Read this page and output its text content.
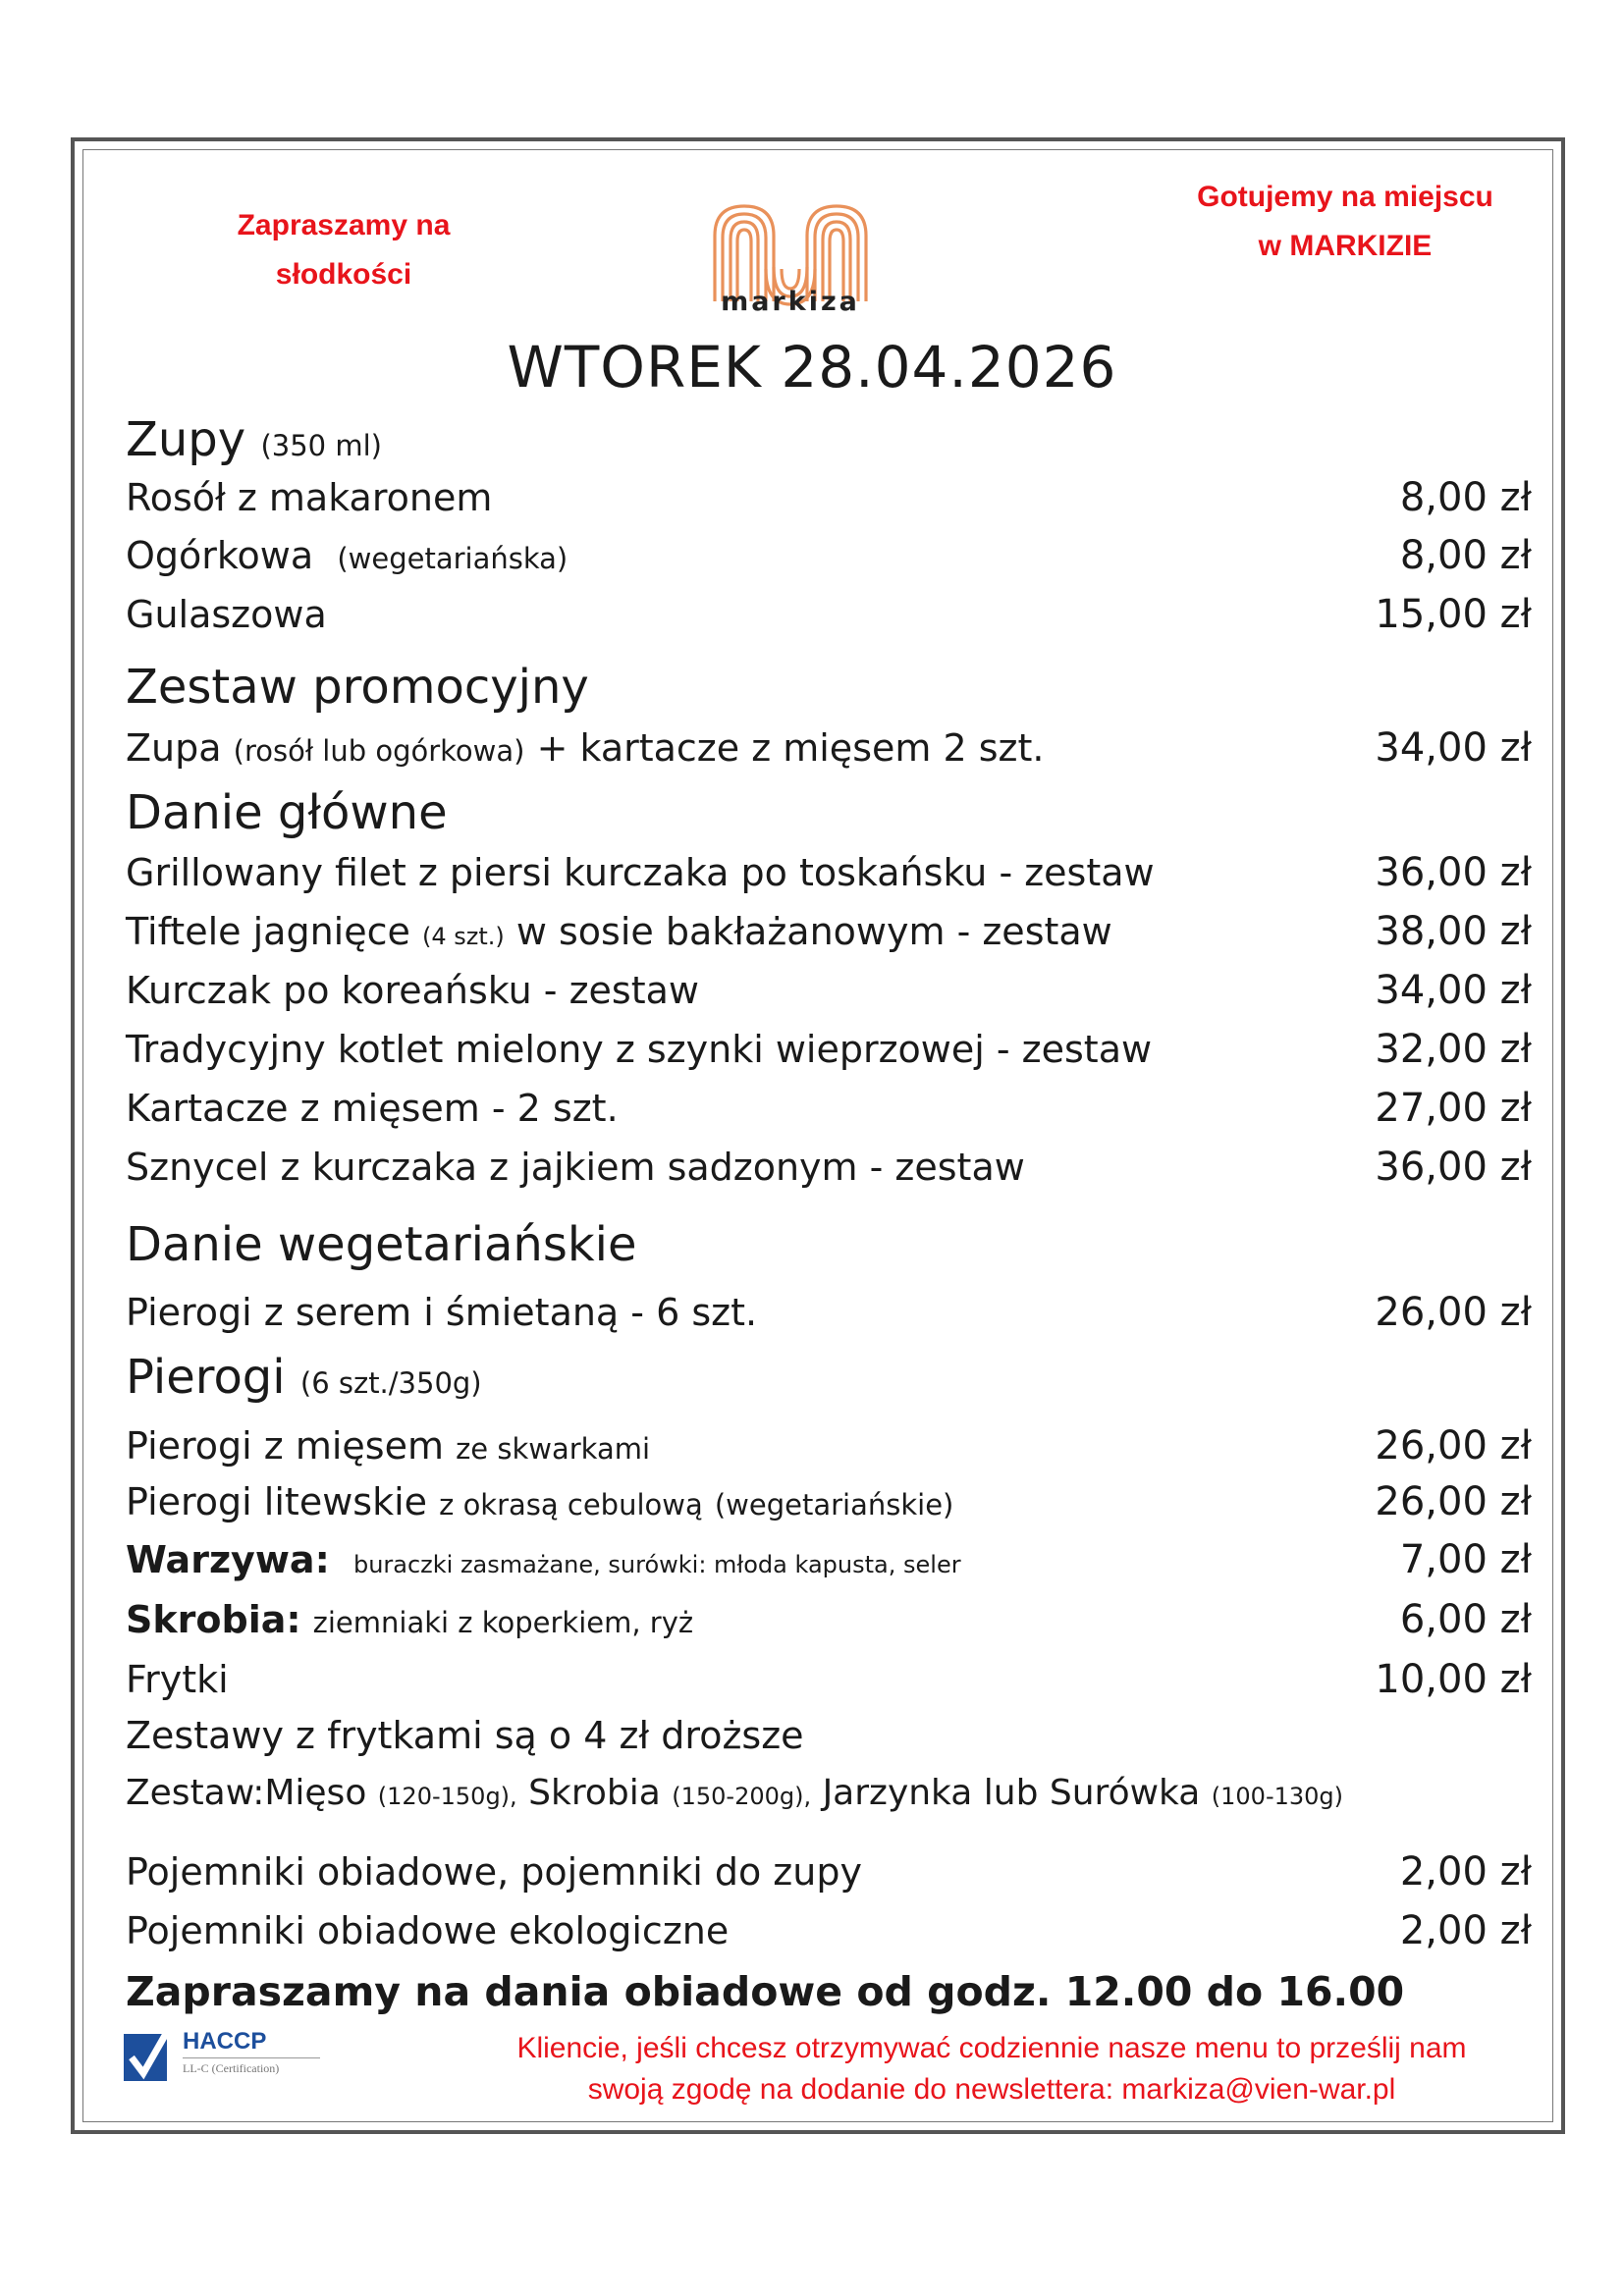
Zapraszamy na
słodkości
markiza
Gotujemy na miejscu
w MARKIZIE
WTOREK 28.04.2026
Zupy (350 ml)
Rosół z makaronem	8,00 zł
Ogórkowa (wegetariańska)	8,00 zł
Gulaszowa	15,00 zł
Zestaw promocyjny
Zupa (rosół lub ogórkowa) + kartacze z mięsem 2 szt.	34,00 zł
Danie główne
Grillowany filet z piersi kurczaka po toskańsku - zestaw	36,00 zł
Tiftele jagnięce (4 szt.) w sosie bakłażanowym - zestaw	38,00 zł
Kurczak po koreańsku - zestaw	34,00 zł
Tradycyjny kotlet mielony z szynki wieprzowej - zestaw	32,00 zł
Kartacze z mięsem - 2 szt.	27,00 zł
Sznycel z kurczaka z jajkiem sadzonym - zestaw	36,00 zł
Danie wegetariańskie
Pierogi z serem i śmietaną - 6 szt.	26,00 zł
Pierogi (6 szt./350g)
Pierogi z mięsem ze skwarkami	26,00 zł
Pierogi litewskie z okrasą cebulową (wegetariańskie)	26,00 zł
Warzywa: buraczki zasmażane, surówki: młoda kapusta, seler	7,00 zł
Skrobia: ziemniaki z koperkiem, ryż	6,00 zł
Frytki	10,00 zł
Zestawy z frytkami są o 4 zł droższe
Zestaw:Mięso (120-150g), Skrobia (150-200g), Jarzynka lub Surówka (100-130g)
Pojemniki obiadowe, pojemniki do zupy	2,00 zł
Pojemniki obiadowe ekologiczne	2,00 zł
Zapraszamy na dania obiadowe od godz. 12.00 do 16.00
HACCP
LL-C (Certification)
Kliencie, jeśli chcesz otrzymywać codziennie nasze menu to prześlij nam
swoją zgodę na dodanie do newslettera: markiza@vien-war.pl
